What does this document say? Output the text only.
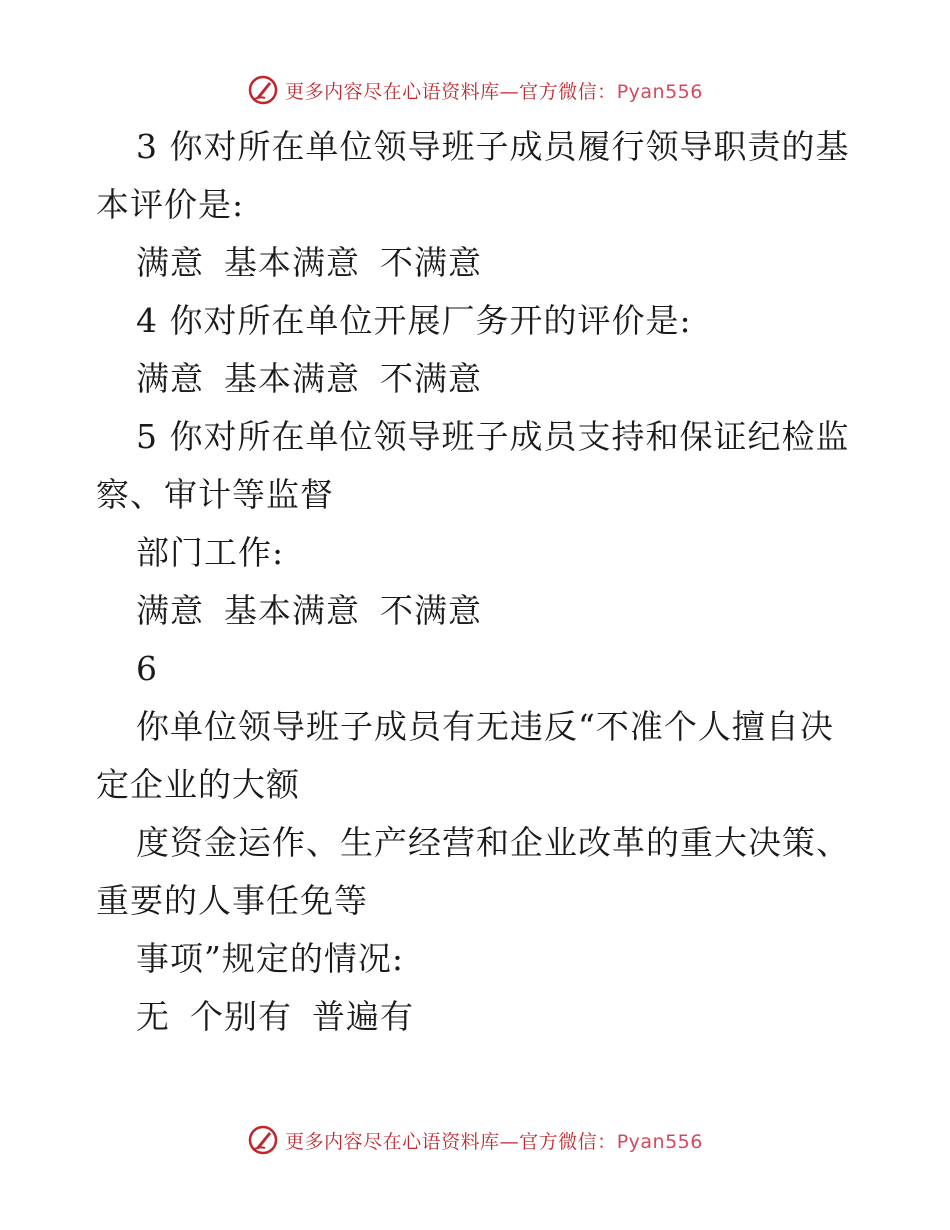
更多内容尽在心语资料库—官方微信：Pyan556
3 你对所在单位领导班子成员履行领导职责的基
本评价是:
满意 基本满意 不满意
4 你对所在单位开展厂务开的评价是:
满意 基本满意 不满意
5 你对所在单位领导班子成员支持和保证纪检监
察、审计等监督
部门工作:
满意 基本满意 不满意
6
你单位领导班子成员有无违反“不准个人擅自决
定企业的大额
度资金运作、生产经营和企业改革的重大决策、
重要的人事任免等
事项”规定的情况:
无 个别有 普遍有
更多内容尽在心语资料库—官方微信：Pyan556
